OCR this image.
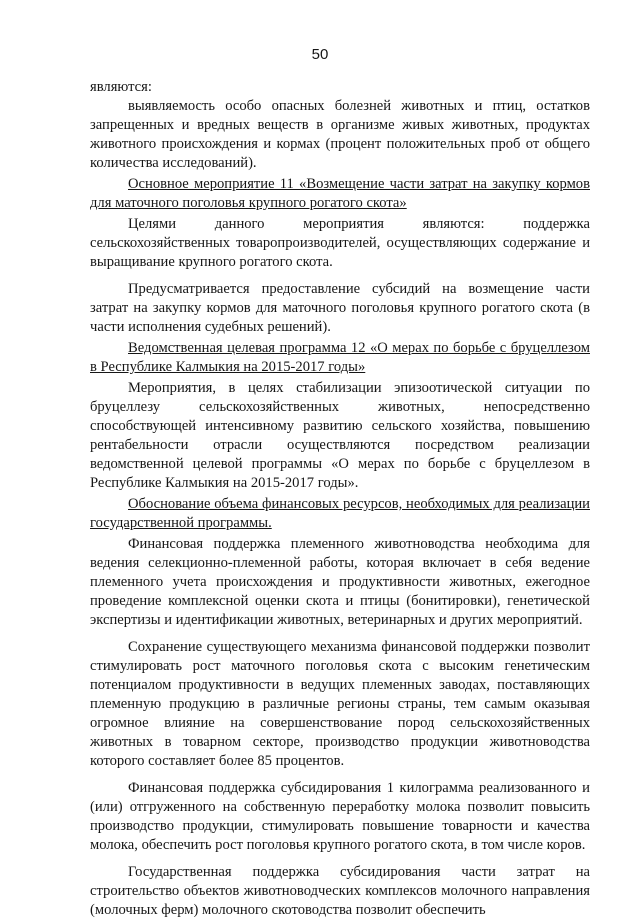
50

являются:

выявляемость особо опасных болезней животных и птиц, остатков запрещенных и вредных веществ в организме живых животных, продуктах животного происхождения и кормах (процент положительных проб от общего количества исследований).

Основное мероприятие 11 «Возмещение части затрат на закупку кормов для маточного поголовья крупного рогатого скота»

Целями данного мероприятия являются: поддержка сельскохозяйственных товаропроизводителей, осуществляющих содержание и выращивание крупного рогатого скота.

Предусматривается предоставление субсидий на возмещение части затрат на закупку кормов для маточного поголовья крупного рогатого скота (в части исполнения судебных решений).

Ведомственная целевая программа 12 «О мерах по борьбе с бруцеллезом в Республике Калмыкия на 2015-2017 годы»

Мероприятия, в целях стабилизации эпизоотической ситуации по бруцеллезу сельскохозяйственных животных, непосредственно способствующей интенсивному развитию сельского хозяйства, повышению рентабельности отрасли осуществляются посредством реализации ведомственной целевой программы «О мерах по борьбе с бруцеллезом в Республике Калмыкия на 2015-2017 годы».

Обоснование объема финансовых ресурсов, необходимых для реализации государственной программы.

Финансовая поддержка племенного животноводства необходима для ведения селекционно-племенной работы, которая включает в себя ведение племенного учета происхождения и продуктивности животных, ежегодное проведение комплексной оценки скота и птицы (бонитировки), генетической экспертизы и идентификации животных, ветеринарных и других мероприятий.

Сохранение существующего механизма финансовой поддержки позволит стимулировать рост маточного поголовья скота с высоким генетическим потенциалом продуктивности в ведущих племенных заводах, поставляющих племенную продукцию в различные регионы страны, тем самым оказывая огромное влияние на совершенствование пород сельскохозяйственных животных в товарном секторе, производство продукции животноводства которого составляет более 85 процентов.

Финансовая поддержка субсидирования 1 килограмма реализованного и (или) отгруженного на собственную переработку молока позволит повысить производство продукции, стимулировать повышение товарности и качества молока, обеспечить рост поголовья крупного рогатого скота, в том числе коров.

Государственная поддержка субсидирования части затрат на строительство объектов животноводческих комплексов молочного направления (молочных ферм) молочного скотоводства позволит обеспечить
